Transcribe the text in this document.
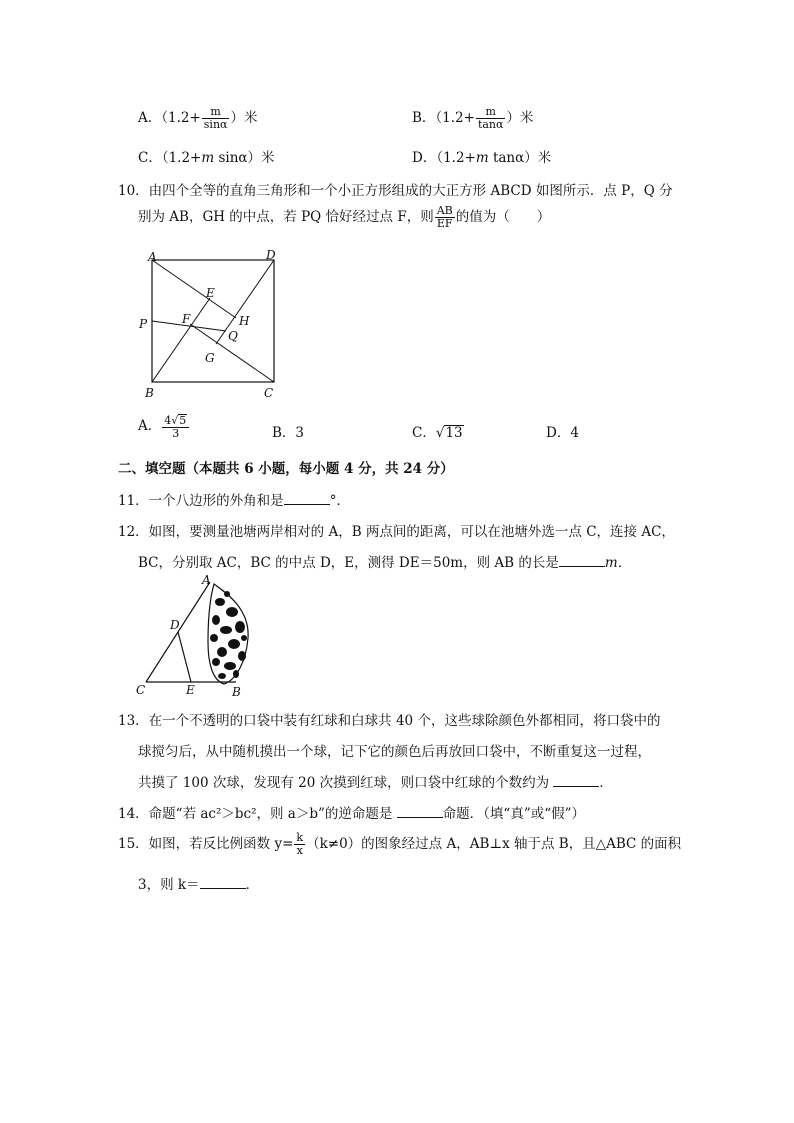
A．（$1.2+ \frac{m}{\sin\alpha}$ ）米	B．（$1.2+ \frac{m}{\tan\alpha}$ ）米
C．（1.2+m sinα）米	D．（1.2+m tanα）米
10．由四个全等的直角三角形和一个小正方形组成的大正方形 ABCD 如图所示．点 P，Q 分
别为 AB，GH 的中点，若 PQ 恰好经过点 F，则 $\frac{AB}{EF}$ 的值为（　　）
A	D
E
P	F	H
Q
G
B	C
A． $\frac{4√5}{3}$	B．3	C．√13	D．4
二、填空题（本题共 6 小题，每小题 4 分，共 24 分）
11．一个八边形的外角和是	°．
12．如图，要测量池塘两岸相对的 A，B 两点间的距离，可以在池塘外选一点 C，连接 AC，
BC，分别取 AC，BC 的中点 D，E，测得 DE＝50m，则 AB 的长是	m．
A
D
C	E	B
13．在一个不透明的口袋中装有红球和白球共 40 个，这些球除颜色外都相同，将口袋中的
球搅匀后，从中随机摸出一个球，记下它的颜色后再放回口袋中，不断重复这一过程，
共摸了 100 次球，发现有 20 次摸到红球，则口袋中红球的个数约为	．
14．命题“若 ac²＞bc²，则 a＞b”的逆命题是	命题．（填“真”或“假”）
15．如图，若反比例函数 $y= \frac{k}{x} (k\ne 0)$的图象经过点 A，AB⊥x 轴于点 B，且△ABC 的面积
3，则 k＝	．
